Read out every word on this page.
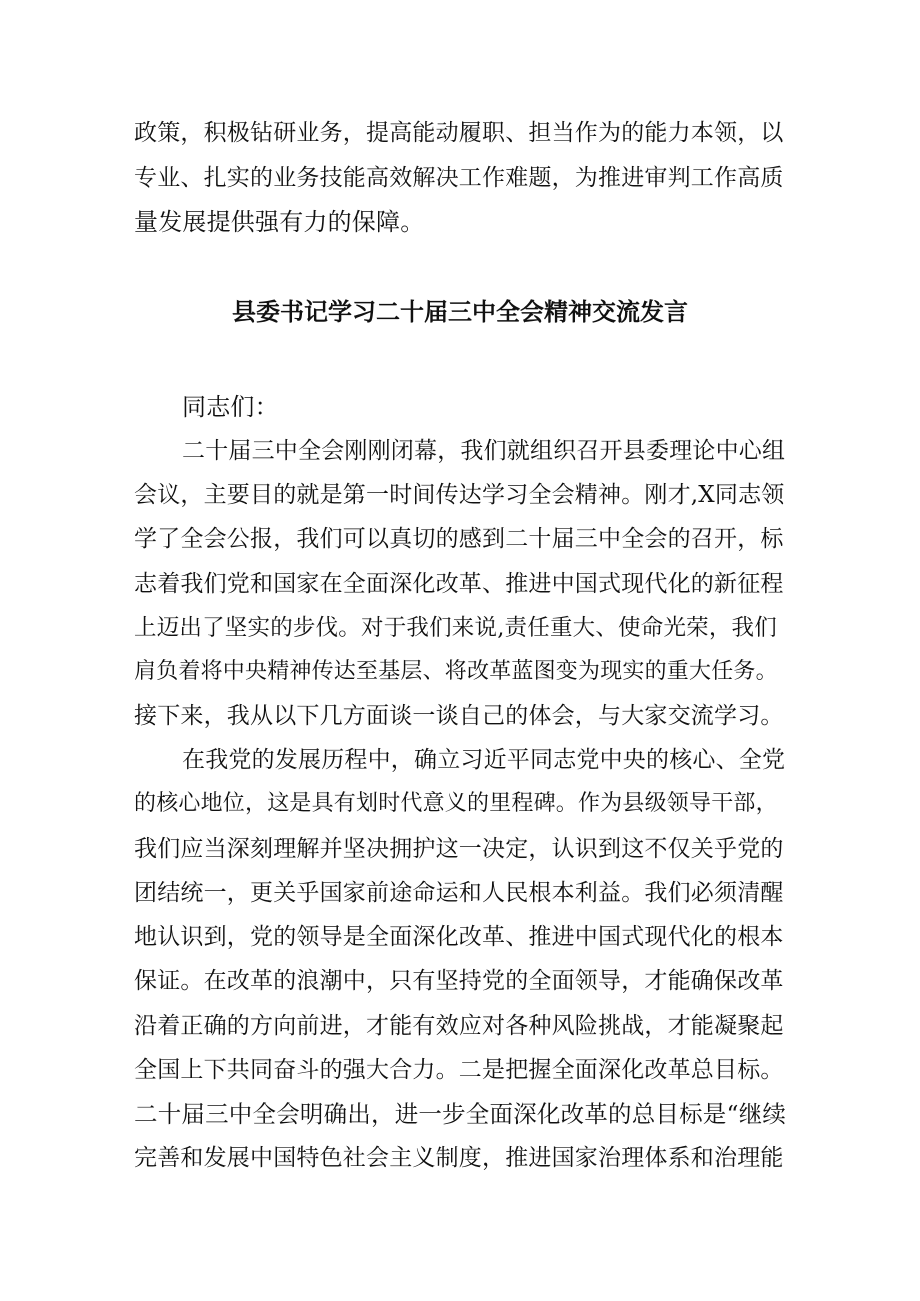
政策，积极钻研业务，提高能动履职、担当作为的能力本领，以
专业、扎实的业务技能高效解决工作难题，为推进审判工作高质
量发展提供强有力的保障。
县委书记学习二十届三中全会精神交流发言
同志们：
二十届三中全会刚刚闭幕，我们就组织召开县委理论中心组
会议，主要目的就是第一时间传达学习全会精神。刚才,X同志领
学了全会公报，我们可以真切的感到二十届三中全会的召开，标
志着我们党和国家在全面深化改革、推进中国式现代化的新征程
上迈出了坚实的步伐。对于我们来说,责任重大、使命光荣，我们
肩负着将中央精神传达至基层、将改革蓝图变为现实的重大任务。
接下来，我从以下几方面谈一谈自己的体会，与大家交流学习。
在我党的发展历程中，确立习近平同志党中央的核心、全党
的核心地位，这是具有划时代意义的里程碑。作为县级领导干部，
我们应当深刻理解并坚决拥护这一决定，认识到这不仅关乎党的
团结统一，更关乎国家前途命运和人民根本利益。我们必须清醒
地认识到，党的领导是全面深化改革、推进中国式现代化的根本
保证。在改革的浪潮中，只有坚持党的全面领导，才能确保改革
沿着正确的方向前进，才能有效应对各种风险挑战，才能凝聚起
全国上下共同奋斗的强大合力。二是把握全面深化改革总目标。
二十届三中全会明确出，进一步全面深化改革的总目标是“继续
完善和发展中国特色社会主义制度，推进国家治理体系和治理能
